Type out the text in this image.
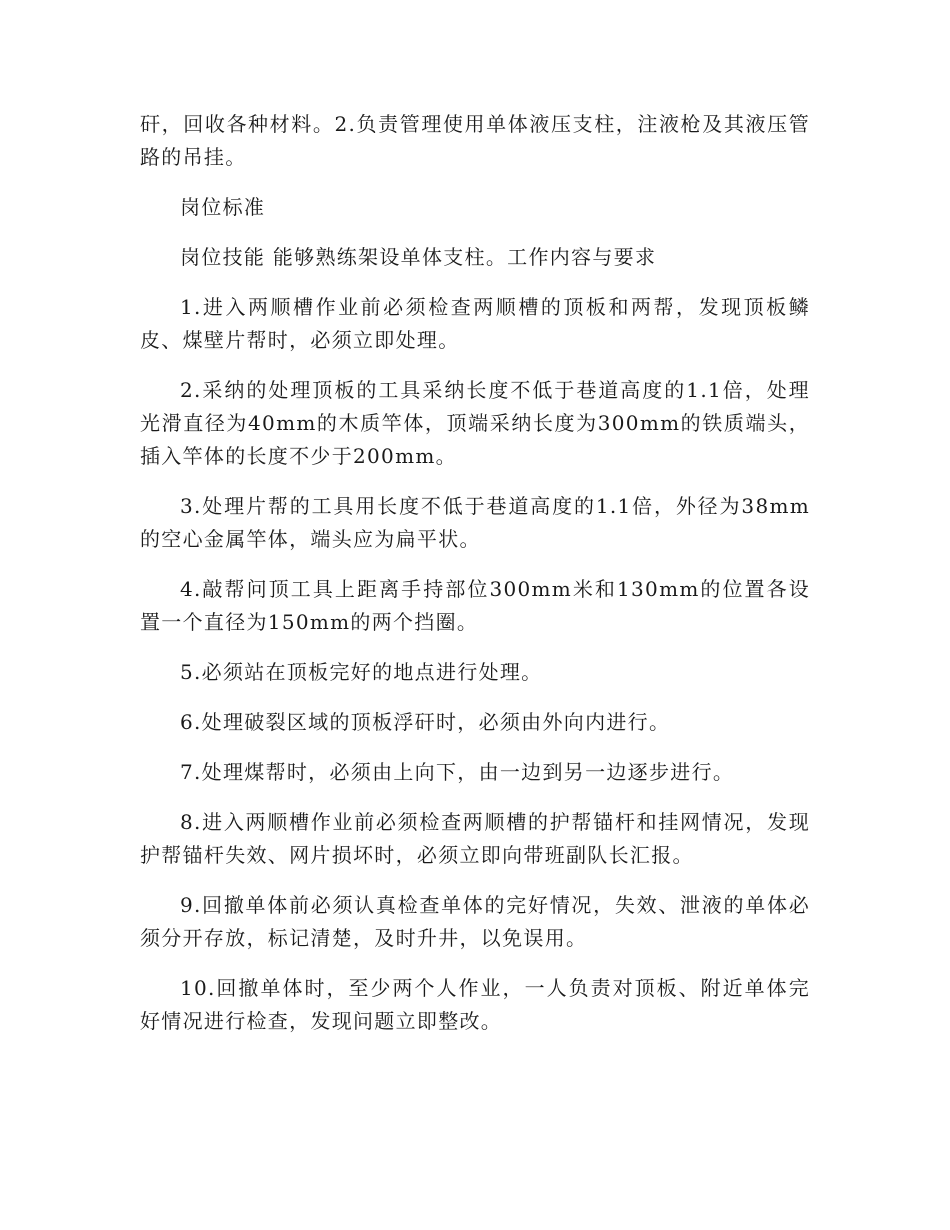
矸，回收各种材料。2.负责管理使用单体液压支柱，注液枪及其液压管路的吊挂。

岗位标准

岗位技能 能够熟练架设单体支柱。工作内容与要求

1.进入两顺槽作业前必须检查两顺槽的顶板和两帮，发现顶板鳞皮、煤壁片帮时，必须立即处理。

2.采纳的处理顶板的工具采纳长度不低于巷道高度的1.1倍，处理光滑直径为40mm的木质竿体，顶端采纳长度为300mm的铁质端头，插入竿体的长度不少于200mm。

3.处理片帮的工具用长度不低于巷道高度的1.1倍，外径为38mm的空心金属竿体，端头应为扁平状。

4.敲帮问顶工具上距离手持部位300mm米和130mm的位置各设置一个直径为150mm的两个挡圈。

5.必须站在顶板完好的地点进行处理。

6.处理破裂区域的顶板浮矸时，必须由外向内进行。

7.处理煤帮时，必须由上向下，由一边到另一边逐步进行。

8.进入两顺槽作业前必须检查两顺槽的护帮锚杆和挂网情况，发现护帮锚杆失效、网片损坏时，必须立即向带班副队长汇报。

9.回撤单体前必须认真检查单体的完好情况，失效、泄液的单体必须分开存放，标记清楚，及时升井，以免误用。

10.回撤单体时，至少两个人作业，一人负责对顶板、附近单体完好情况进行检查，发现问题立即整改。
